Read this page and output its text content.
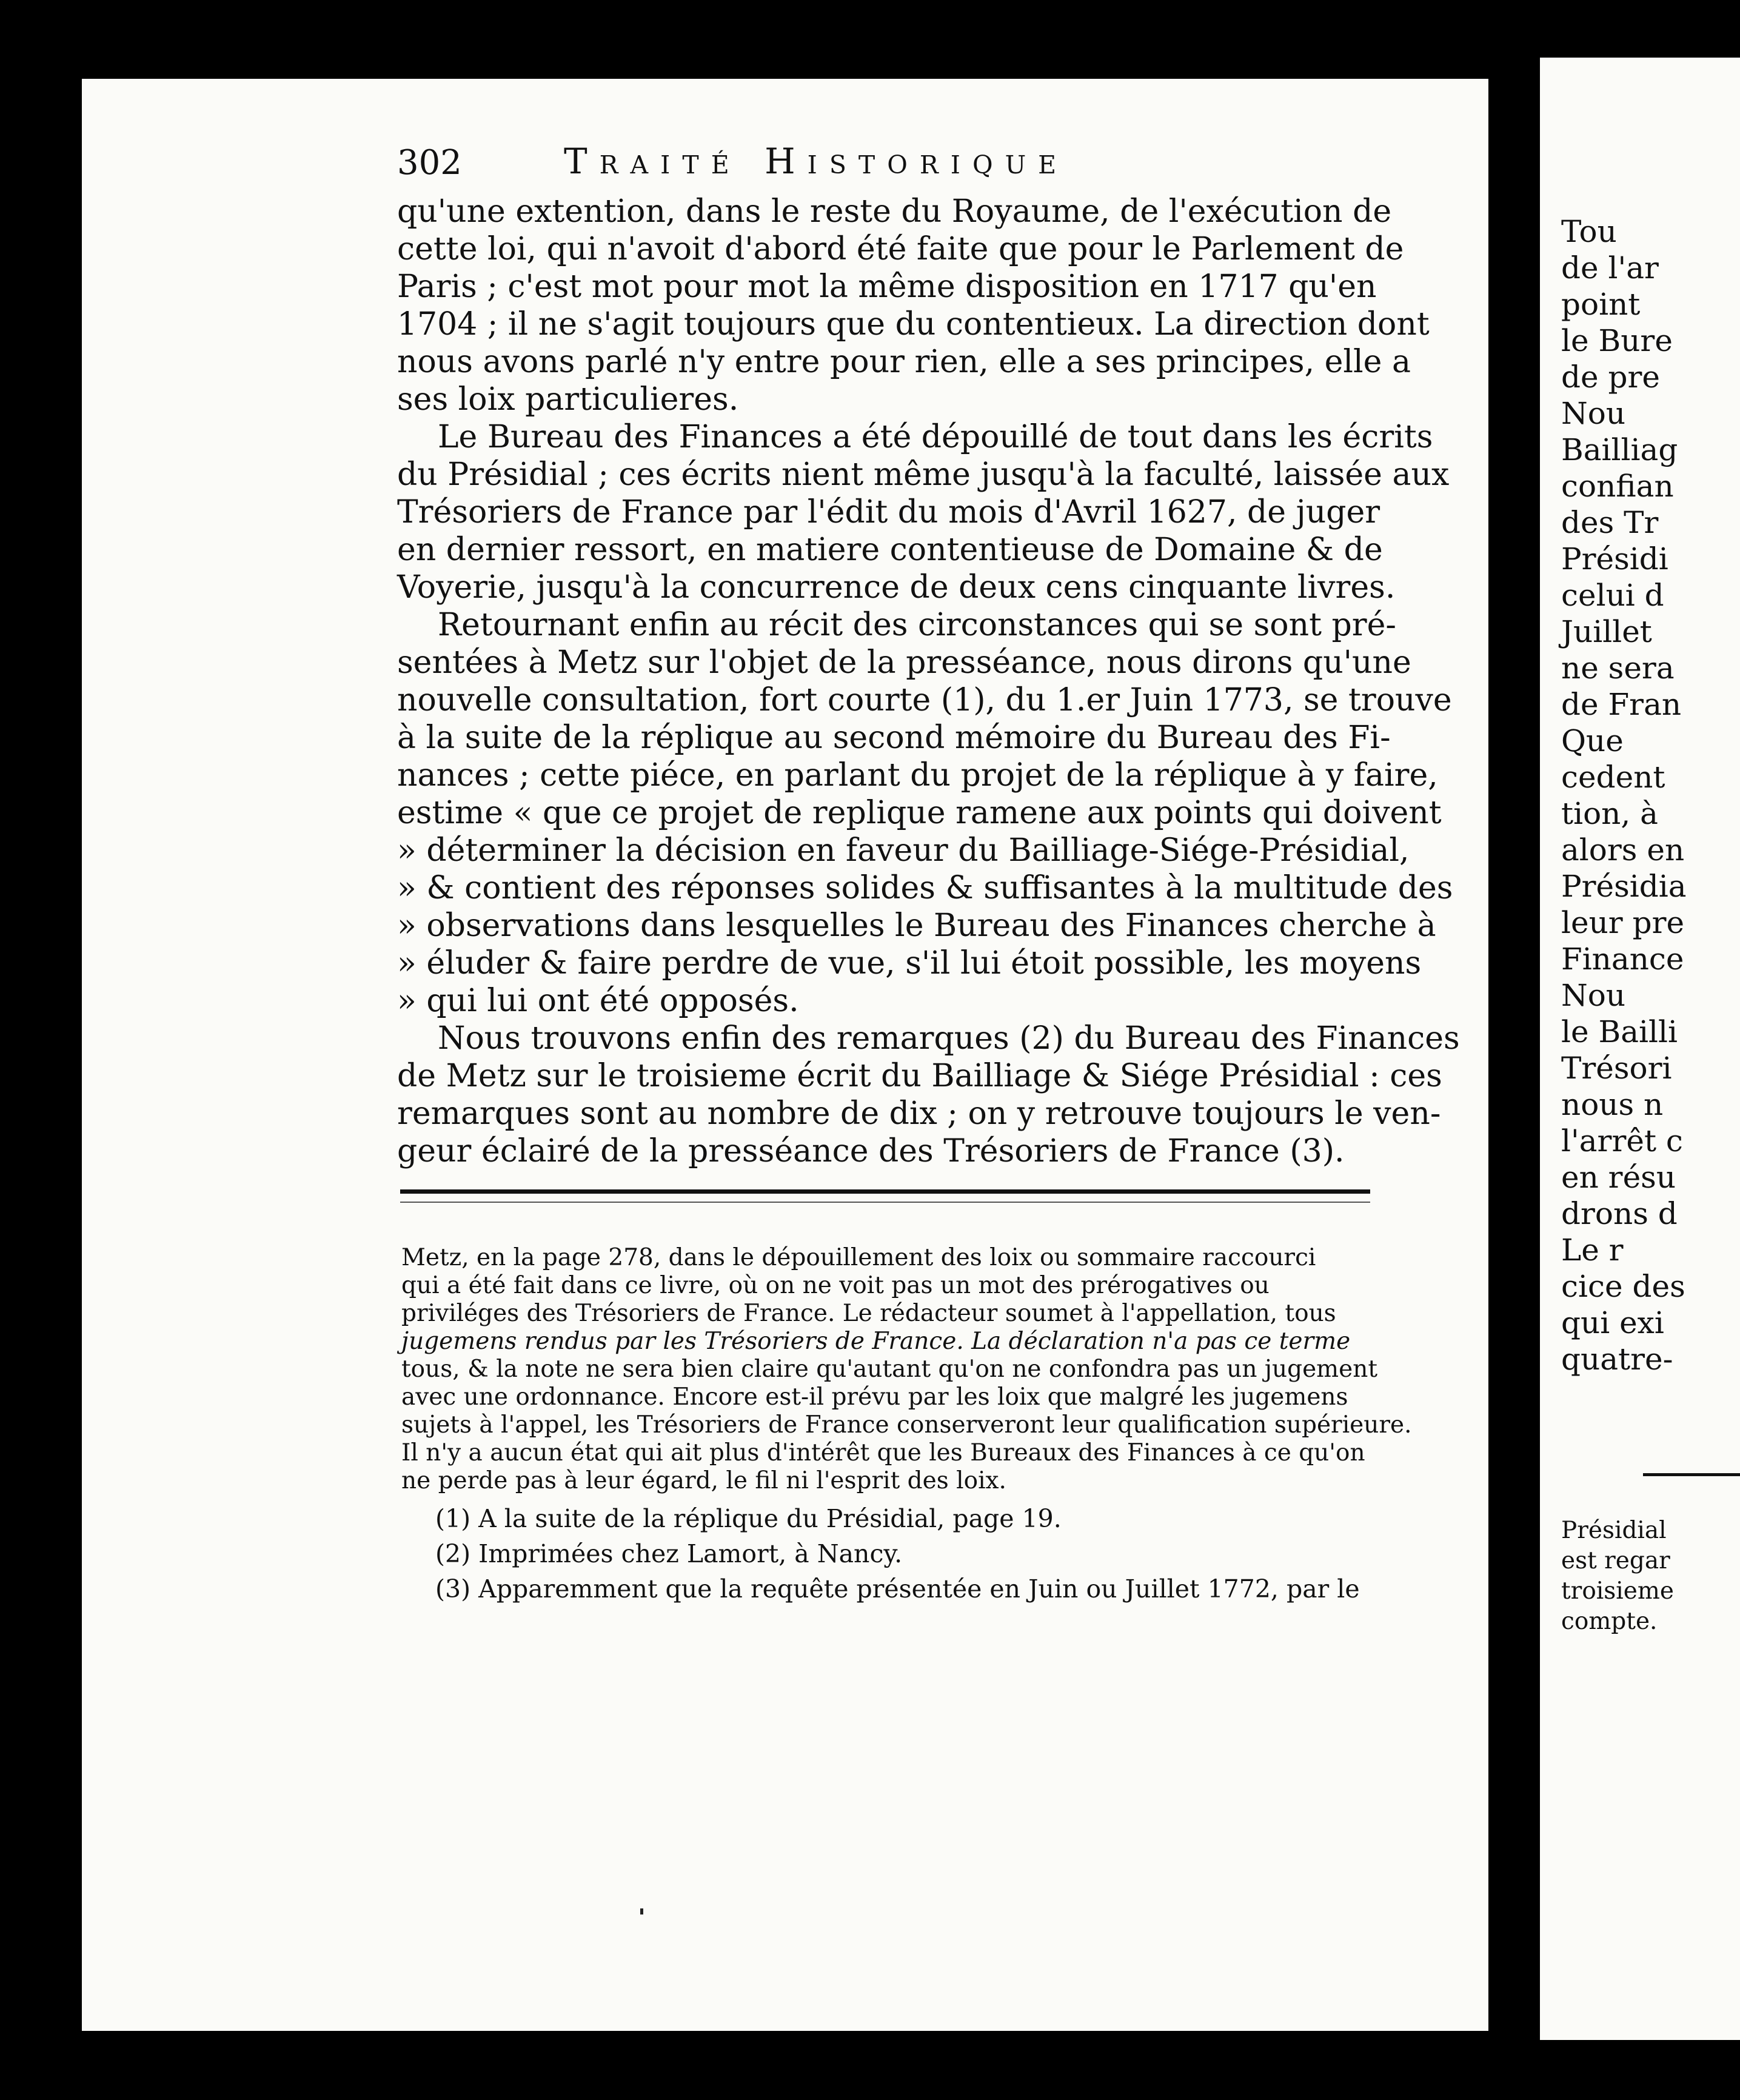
302	Traité Historique
qu'une extention, dans le reste du Royaume, de l'exécution de
cette loi, qui n'avoit d'abord été faite que pour le Parlement de
Paris ; c'est mot pour mot la même disposition en 1717 qu'en
1704 ; il ne s'agit toujours que du contentieux. La direction dont
nous avons parlé n'y entre pour rien, elle a ses principes, elle a
ses loix particulieres.
Le Bureau des Finances a été dépouillé de tout dans les écrits
du Présidial ; ces écrits nient même jusqu'à la faculté, laissée aux
Trésoriers de France par l'édit du mois d'Avril 1627, de juger
en dernier ressort, en matiere contentieuse de Domaine & de
Voyerie, jusqu'à la concurrence de deux cens cinquante livres.
Retournant enfin au récit des circonstances qui se sont pré-
sentées à Metz sur l'objet de la presséance, nous dirons qu'une
nouvelle consultation, fort courte (1), du 1.er Juin 1773, se trouve
à la suite de la réplique au second mémoire du Bureau des Fi-
nances ; cette piéce, en parlant du projet de la réplique à y faire,
estime « que ce projet de replique ramene aux points qui doivent
» déterminer la décision en faveur du Bailliage-Siége-Présidial,
» & contient des réponses solides & suffisantes à la multitude des
» observations dans lesquelles le Bureau des Finances cherche à
» éluder & faire perdre de vue, s'il lui étoit possible, les moyens
» qui lui ont été opposés.
Nous trouvons enfin des remarques (2) du Bureau des Finances
de Metz sur le troisieme écrit du Bailliage & Siége Présidial : ces
remarques sont au nombre de dix ; on y retrouve toujours le ven-
geur éclairé de la presséance des Trésoriers de France (3).
Metz, en la page 278, dans le dépouillement des loix ou sommaire raccourci
qui a été fait dans ce livre, où on ne voit pas un mot des prérogatives ou
priviléges des Trésoriers de France. Le rédacteur soumet à l'appellation, tous
jugemens rendus par les Trésoriers de France. La déclaration n'a pas ce terme
tous, & la note ne sera bien claire qu'autant qu'on ne confondra pas un jugement
avec une ordonnance. Encore est-il prévu par les loix que malgré les jugemens
sujets à l'appel, les Trésoriers de France conserveront leur qualification supérieure.
Il n'y a aucun état qui ait plus d'intérêt que les Bureaux des Finances à ce qu'on
ne perde pas à leur égard, le fil ni l'esprit des loix.
(1) A la suite de la réplique du Présidial, page 19.
(2) Imprimées chez Lamort, à Nancy.
(3) Apparemment que la requête présentée en Juin ou Juillet 1772, par le
Tou
de l'ar
point
le Bure
de pre
Nou
Bailliag
confian
des Tr
Présidi
celui d
Juillet
ne sera
de Fran
Que
cedent
tion, à
alors en
Présidia
leur pre
Finance
Nou
le Bailli
Trésori
nous n
l'arrêt c
en résu
drons d
Le r
cice des
qui exi
quatre-
Présidial
est regar
troisieme
compte.
